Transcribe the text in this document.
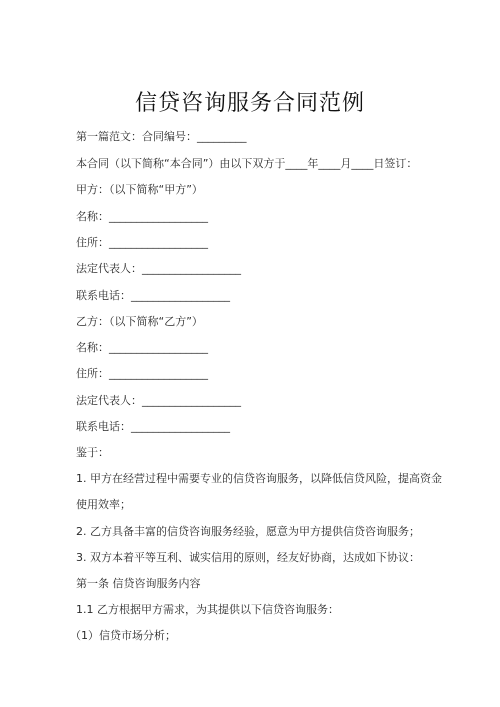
信贷咨询服务合同范例
第一篇范文：合同编号：_________
本合同（以下简称“本合同”）由以下双方于____年____月____日签订：
甲方：（以下简称“甲方”）
名称：__________________
住所：__________________
法定代表人：__________________
联系电话：__________________
乙方：（以下简称“乙方”）
名称：__________________
住所：__________________
法定代表人：__________________
联系电话：__________________
鉴于：
1. 甲方在经营过程中需要专业的信贷咨询服务，以降低信贷风险，提高资金使用效率；
2. 乙方具备丰富的信贷咨询服务经验，愿意为甲方提供信贷咨询服务；
3. 双方本着平等互利、诚实信用的原则，经友好协商，达成如下协议：
第一条 信贷咨询服务内容
1.1 乙方根据甲方需求，为其提供以下信贷咨询服务：
（1）信贷市场分析；
